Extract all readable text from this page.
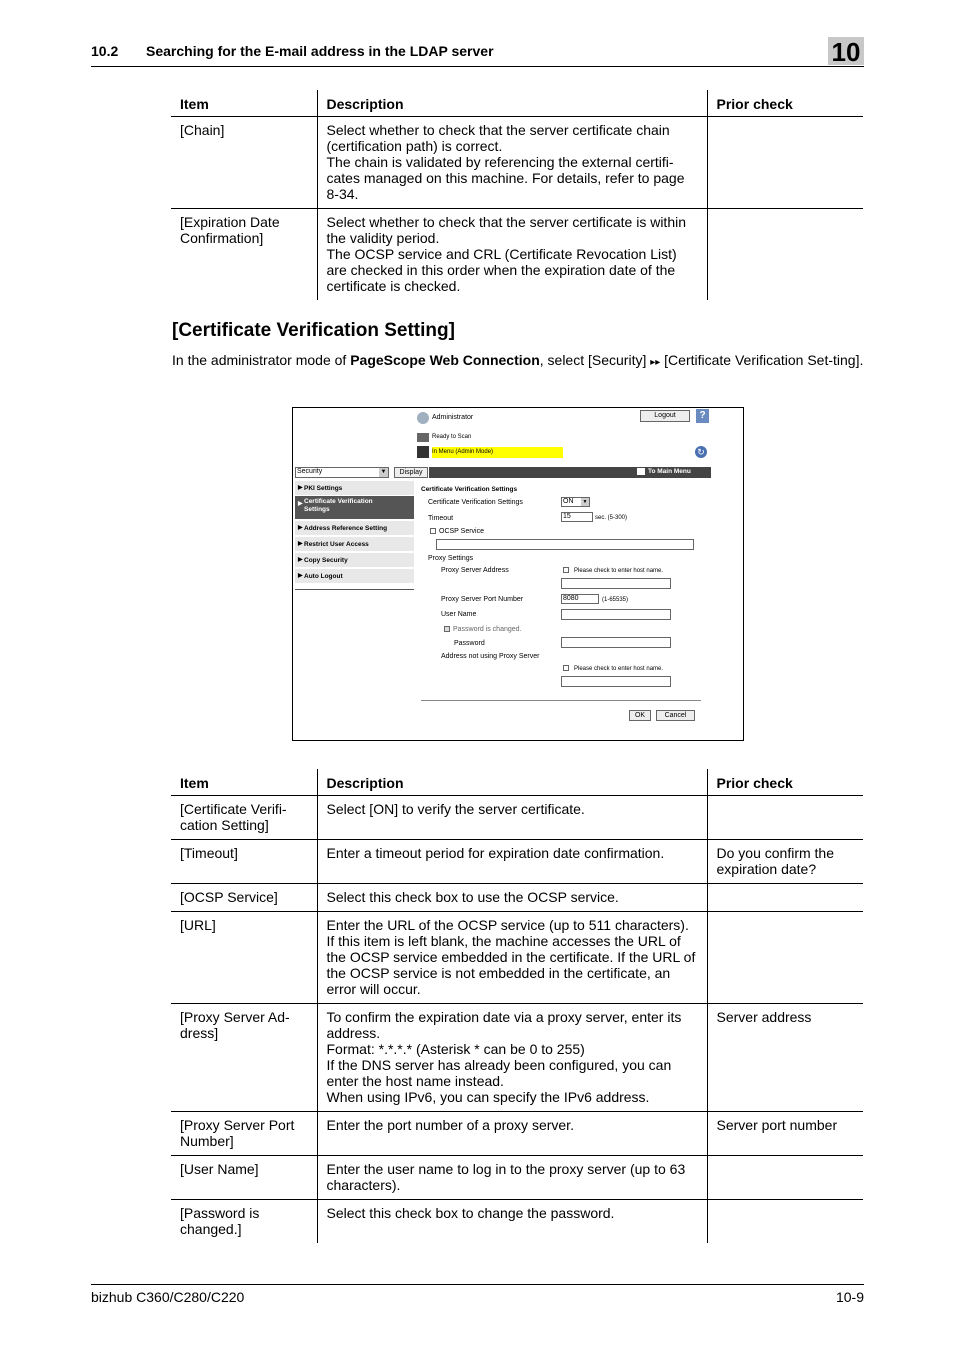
10.2 Searching for the E-mail address in the LDAP server	10
Item	Description	Prior check
[Chain]	Select whether to check that the server certificate chain (certification path) is correct.
The chain is validated by referencing the external certifi-cates managed on this machine. For details, refer to page 8-34.	
[Expiration Date Confirmation]	Select whether to check that the server certificate is within the validity period.
The OCSP service and CRL (Certificate Revocation List) are checked in this order when the expiration date of the certificate is checked.	
[Certificate Verification Setting]
In the administrator mode of PageScope Web Connection, select [Security] ▸▸ [Certificate Verification Set-ting].
Administrator	Logout	?
Ready to Scan
In Menu (Admin Mode)	↻
Security	▼	Display	To Main Menu
▶ PKI Settings
▶ Certificate Verification Settings
▶ Address Reference Setting
▶ Restrict User Access
▶ Copy Security
▶ Auto Logout
Certificate Verification Settings
Certificate Verification Settings	ON	▼
Timeout	15	sec. (5-300)
OCSP Service
Proxy Settings
Proxy Server Address	Please check to enter host name.
Proxy Server Port Number	8080	(1-65535)
User Name
Password is changed.
Password
Address not using Proxy Server
Please check to enter host name.
OK	Cancel
Item	Description	Prior check
[Certificate Verifi-cation Setting]	Select [ON] to verify the server certificate.	
[Timeout]	Enter a timeout period for expiration date confirmation.	Do you confirm the expiration date?
[OCSP Service]	Select this check box to use the OCSP service.	
[URL]	Enter the URL of the OCSP service (up to 511 characters). If this item is left blank, the machine accesses the URL of the OCSP service embedded in the certificate. If the URL of the OCSP service is not embedded in the certificate, an error will occur.	
[Proxy Server Ad-dress]	To confirm the expiration date via a proxy server, enter its address.
Format: *.*.*.* (Asterisk * can be 0 to 255)
If the DNS server has already been configured, you can enter the host name instead.
When using IPv6, you can specify the IPv6 address.	Server address
[Proxy Server Port Number]	Enter the port number of a proxy server.	Server port number
[User Name]	Enter the user name to log in to the proxy server (up to 63 characters).	
[Password is changed.]	Select this check box to change the password.	
bizhub C360/C280/C220	10-9
